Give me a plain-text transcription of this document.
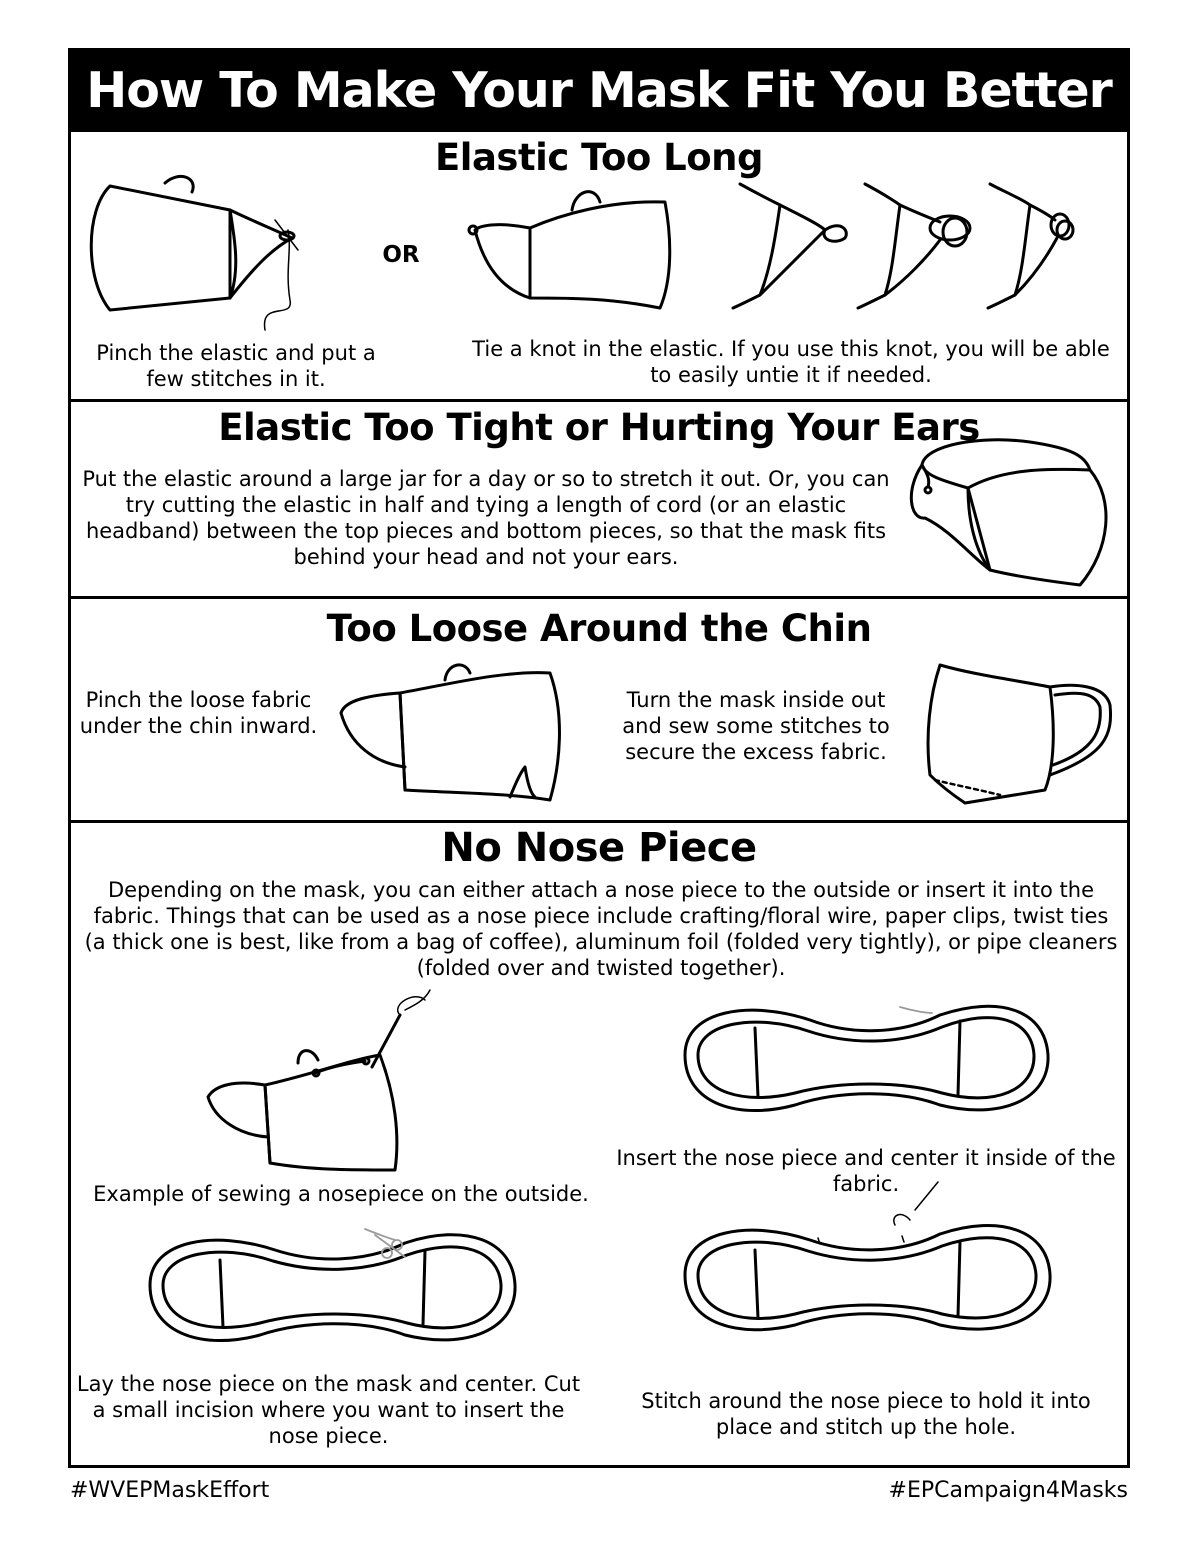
How To Make Your Mask Fit You Better
Elastic Too Long
OR
Pinch the elastic and put a few stitches in it.
Tie a knot in the elastic. If you use this knot, you will be able to easily untie it if needed.
Elastic Too Tight or Hurting Your Ears
Put the elastic around a large jar for a day or so to stretch it out. Or, you can try cutting the elastic in half and tying a length of cord (or an elastic headband) between the top pieces and bottom pieces, so that the mask fits behind your head and not your ears.
Too Loose Around the Chin
Pinch the loose fabric under the chin inward.
Turn the mask inside out and sew some stitches to secure the excess fabric.
No Nose Piece
Depending on the mask, you can either attach a nose piece to the outside or insert it into the fabric. Things that can be used as a nose piece include crafting/floral wire, paper clips, twist ties (a thick one is best, like from a bag of coffee), aluminum foil (folded very tightly), or pipe cleaners (folded over and twisted together).
Example of sewing a nosepiece on the outside.
Insert the nose piece and center it inside of the fabric.
Lay the nose piece on the mask and center. Cut a small incision where you want to insert the nose piece.
Stitch around the nose piece to hold it into place and stitch up the hole.
#WVEPMaskEffort	#EPCampaign4Masks
